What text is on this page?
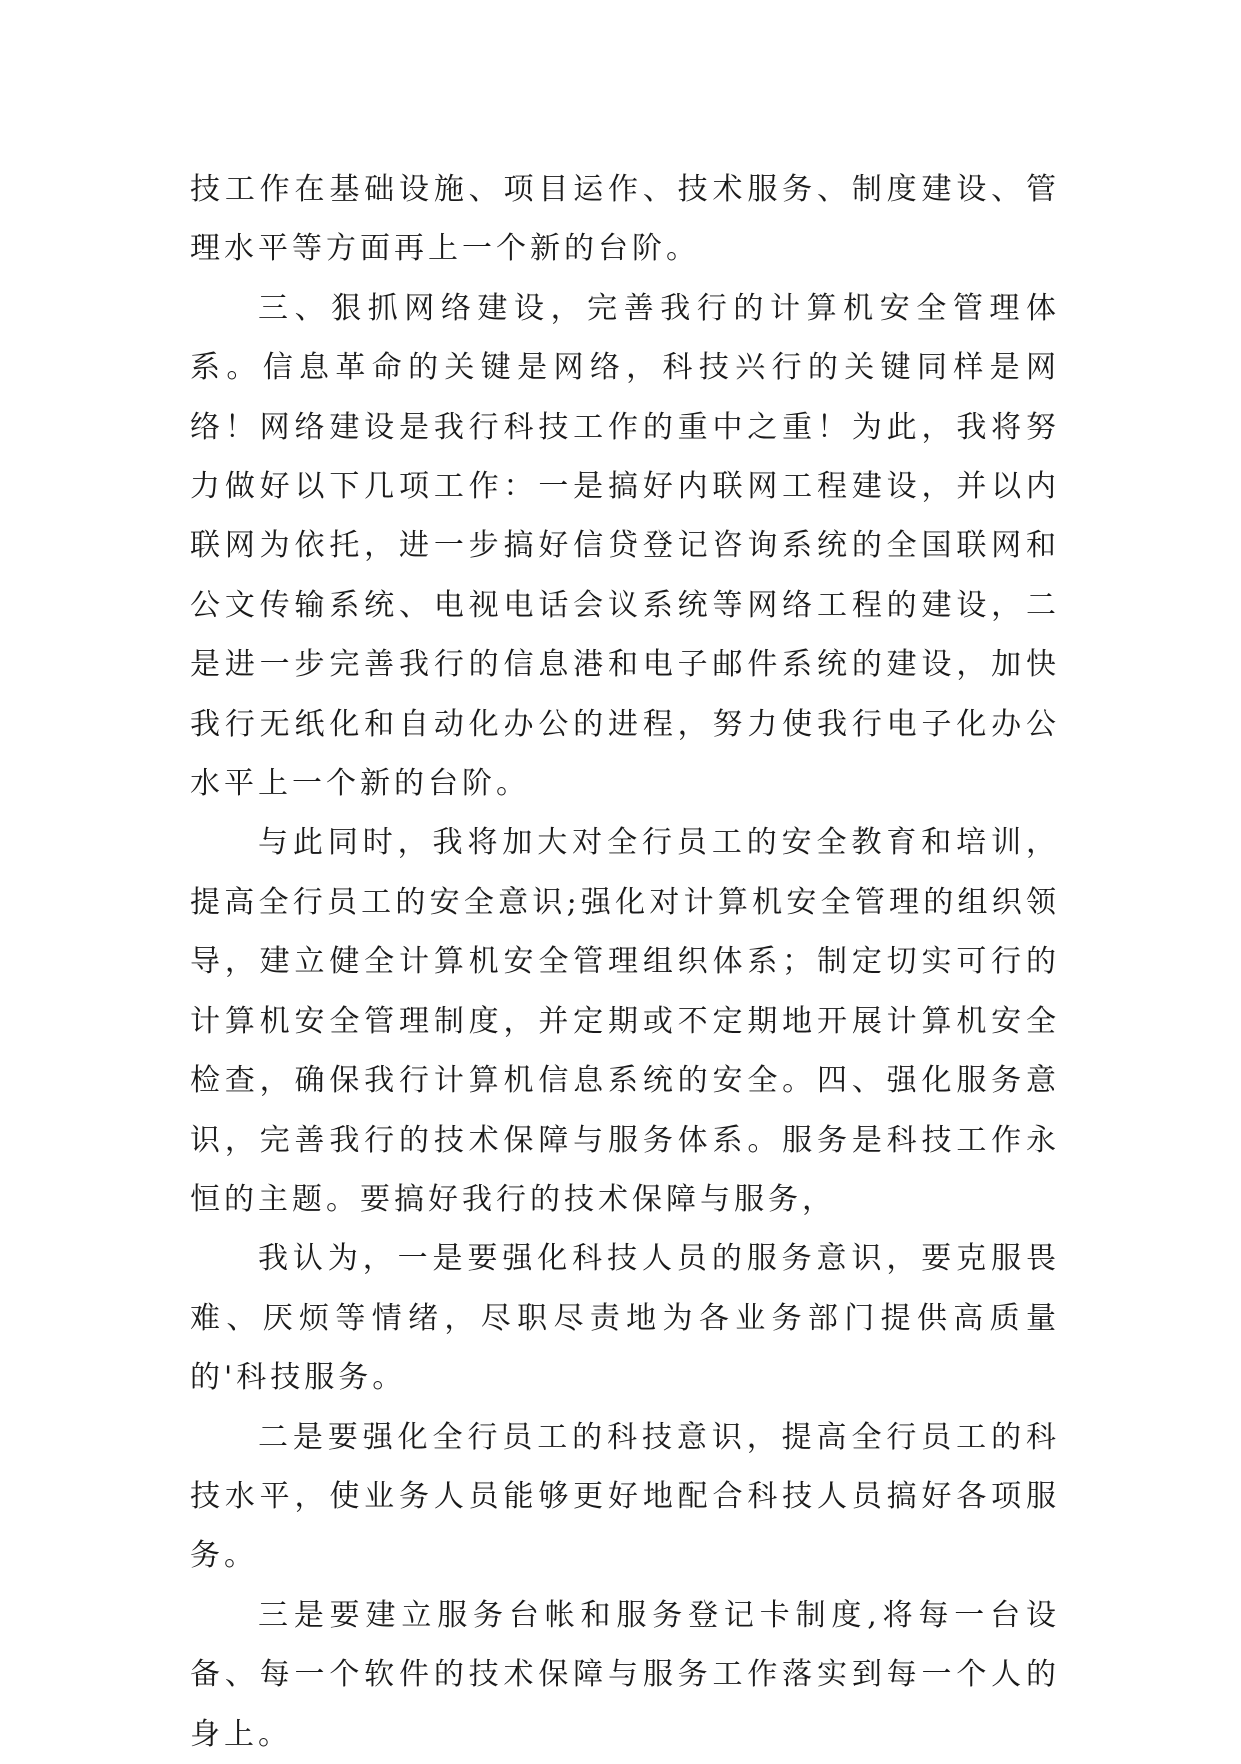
技工作在基础设施、项目运作、技术服务、制度建设、管理水平等方面再上一个新的台阶。

三、狠抓网络建设，完善我行的计算机安全管理体系。信息革命的关键是网络，科技兴行的关键同样是网络！网络建设是我行科技工作的重中之重！为此，我将努力做好以下几项工作：一是搞好内联网工程建设，并以内联网为依托，进一步搞好信贷登记咨询系统的全国联网和公文传输系统、电视电话会议系统等网络工程的建设，二是进一步完善我行的信息港和电子邮件系统的建设，加快我行无纸化和自动化办公的进程，努力使我行电子化办公水平上一个新的台阶。

与此同时，我将加大对全行员工的安全教育和培训，提高全行员工的安全意识;强化对计算机安全管理的组织领导，建立健全计算机安全管理组织体系；制定切实可行的计算机安全管理制度，并定期或不定期地开展计算机安全检查，确保我行计算机信息系统的安全。四、强化服务意识，完善我行的技术保障与服务体系。服务是科技工作永恒的主题。要搞好我行的技术保障与服务，

我认为，一是要强化科技人员的服务意识，要克服畏难、厌烦等情绪，尽职尽责地为各业务部门提供高质量的'科技服务。

二是要强化全行员工的科技意识，提高全行员工的科技水平，使业务人员能够更好地配合科技人员搞好各项服务。

三是要建立服务台帐和服务登记卡制度,将每一台设备、每一个软件的技术保障与服务工作落实到每一个人的身上。
